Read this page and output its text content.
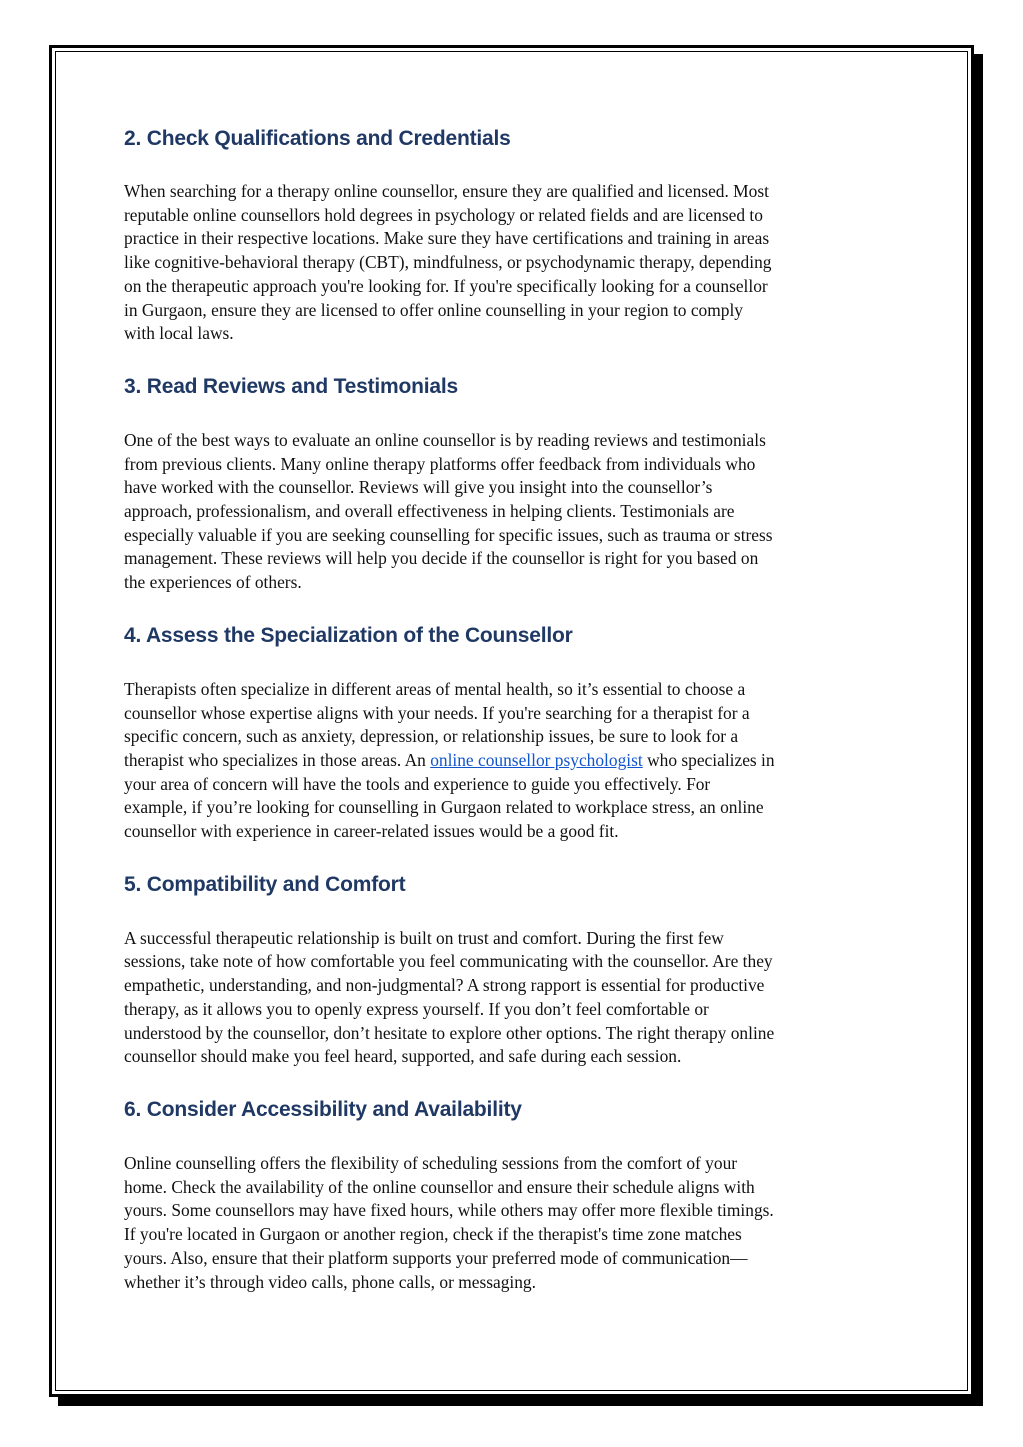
2. Check Qualifications and Credentials

When searching for a therapy online counsellor, ensure they are qualified and licensed. Most
reputable online counsellors hold degrees in psychology or related fields and are licensed to
practice in their respective locations. Make sure they have certifications and training in areas
like cognitive-behavioral therapy (CBT), mindfulness, or psychodynamic therapy, depending
on the therapeutic approach you're looking for. If you're specifically looking for a counsellor
in Gurgaon, ensure they are licensed to offer online counselling in your region to comply
with local laws.

3. Read Reviews and Testimonials

One of the best ways to evaluate an online counsellor is by reading reviews and testimonials
from previous clients. Many online therapy platforms offer feedback from individuals who
have worked with the counsellor. Reviews will give you insight into the counsellor’s
approach, professionalism, and overall effectiveness in helping clients. Testimonials are
especially valuable if you are seeking counselling for specific issues, such as trauma or stress
management. These reviews will help you decide if the counsellor is right for you based on
the experiences of others.

4. Assess the Specialization of the Counsellor

Therapists often specialize in different areas of mental health, so it’s essential to choose a
counsellor whose expertise aligns with your needs. If you're searching for a therapist for a
specific concern, such as anxiety, depression, or relationship issues, be sure to look for a
therapist who specializes in those areas. An online counsellor psychologist who specializes in
your area of concern will have the tools and experience to guide you effectively. For
example, if you’re looking for counselling in Gurgaon related to workplace stress, an online
counsellor with experience in career-related issues would be a good fit.

5. Compatibility and Comfort

A successful therapeutic relationship is built on trust and comfort. During the first few
sessions, take note of how comfortable you feel communicating with the counsellor. Are they
empathetic, understanding, and non-judgmental? A strong rapport is essential for productive
therapy, as it allows you to openly express yourself. If you don’t feel comfortable or
understood by the counsellor, don’t hesitate to explore other options. The right therapy online
counsellor should make you feel heard, supported, and safe during each session.

6. Consider Accessibility and Availability

Online counselling offers the flexibility of scheduling sessions from the comfort of your
home. Check the availability of the online counsellor and ensure their schedule aligns with
yours. Some counsellors may have fixed hours, while others may offer more flexible timings.
If you're located in Gurgaon or another region, check if the therapist's time zone matches
yours. Also, ensure that their platform supports your preferred mode of communication—
whether it’s through video calls, phone calls, or messaging.
